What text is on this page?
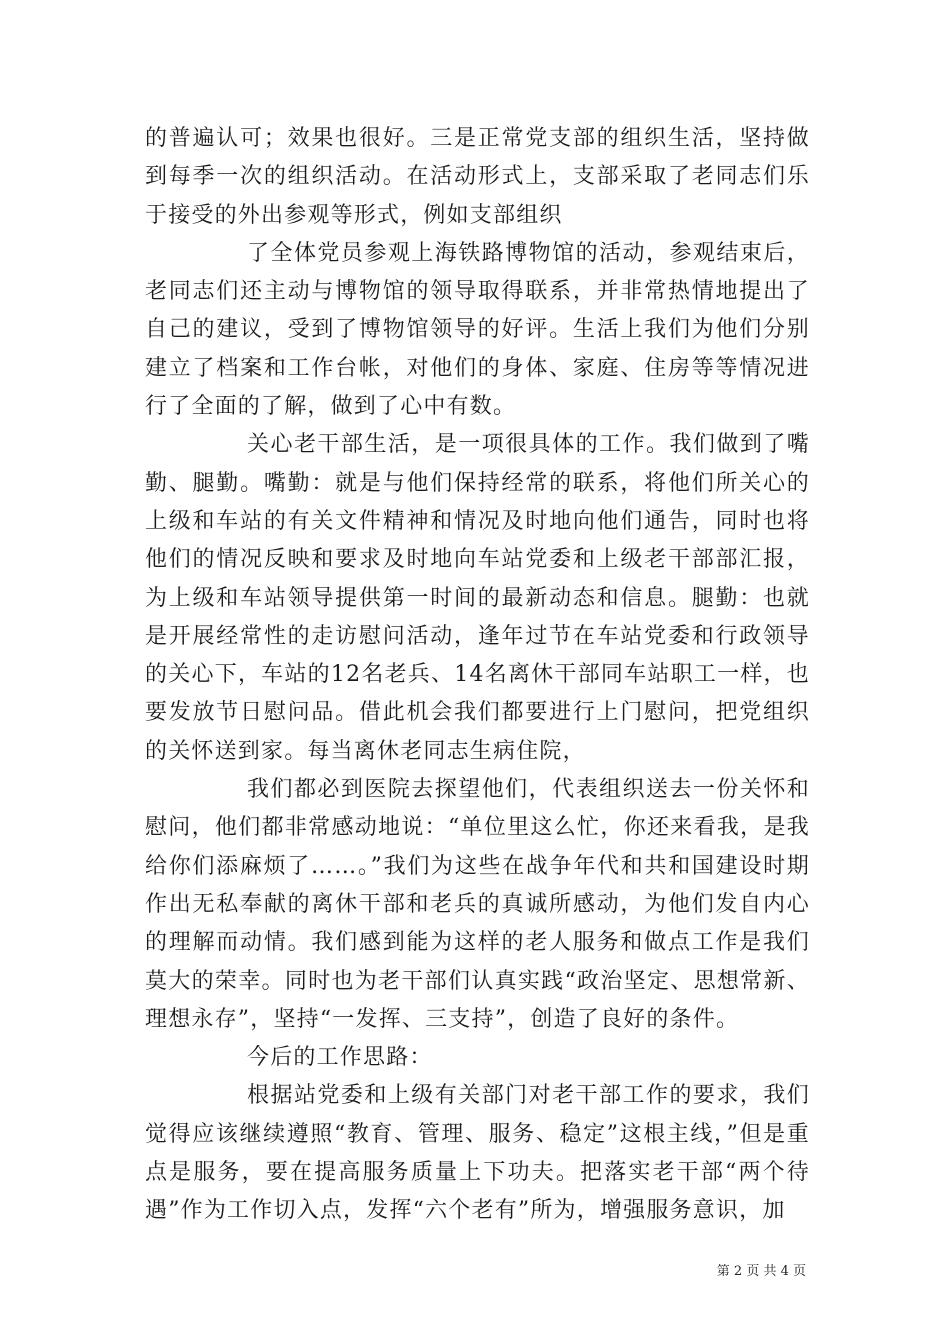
的普遍认可；效果也很好。三是正常党支部的组织生活，坚持做到每季一次的组织活动。在活动形式上，支部采取了老同志们乐于接受的外出参观等形式，例如支部组织

了全体党员参观上海铁路博物馆的活动，参观结束后，老同志们还主动与博物馆的领导取得联系，并非常热情地提出了自己的建议，受到了博物馆领导的好评。生活上我们为他们分别建立了档案和工作台帐，对他们的身体、家庭、住房等等情况进行了全面的了解，做到了心中有数。

关心老干部生活，是一项很具体的工作。我们做到了嘴勤、腿勤。嘴勤：就是与他们保持经常的联系，将他们所关心的上级和车站的有关文件精神和情况及时地向他们通告，同时也将他们的情况反映和要求及时地向车站党委和上级老干部部汇报，为上级和车站领导提供第一时间的最新动态和信息。腿勤：也就是开展经常性的走访慰问活动，逢年过节在车站党委和行政领导的关心下，车站的12名老兵、14名离休干部同车站职工一样，也要发放节日慰问品。借此机会我们都要进行上门慰问，把党组织的关怀送到家。每当离休老同志生病住院，

我们都必到医院去探望他们，代表组织送去一份关怀和慰问，他们都非常感动地说：“单位里这么忙，你还来看我，是我给你们添麻烦了……。”我们为这些在战争年代和共和国建设时期作出无私奉献的离休干部和老兵的真诚所感动，为他们发自内心的理解而动情。我们感到能为这样的老人服务和做点工作是我们莫大的荣幸。同时也为老干部们认真实践“政治坚定、思想常新、理想永存”，坚持“一发挥、三支持”，创造了良好的条件。

今后的工作思路：

根据站党委和上级有关部门对老干部工作的要求，我们觉得应该继续遵照“教育、管理、服务、稳定”这根主线，”但是重点是服务，要在提高服务质量上下功夫。把落实老干部“两个待遇”作为工作切入点，发挥“六个老有”所为，增强服务意识，加

第 2 页 共 4 页
